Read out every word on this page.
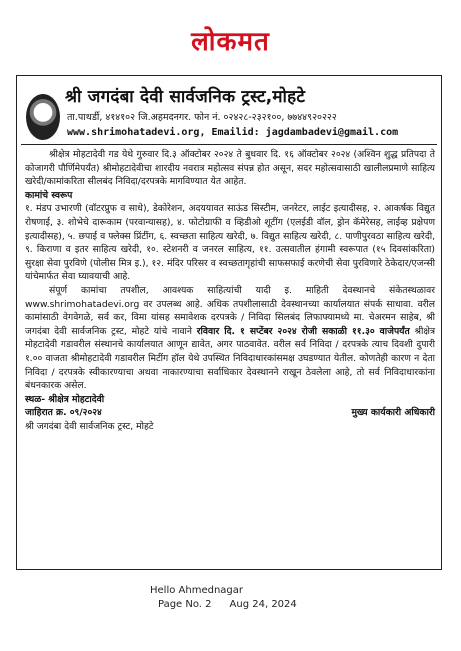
लोकमत
श्री जगदंबा देवी सार्वजनिक ट्रस्ट,मोहटे
ता.पाथर्डी, ४१४१०२ जि.अहमदनगर. फोन नं. ०२४२८-२३२१००, ७७४४९२०२२२
www.shrimohatadevi.org, Emailid: jagdambadevi@gmail.com

श्रीक्षेत्र मोहटादेवी गड येथे गुरुवार दि.३ ऑक्टोबर २०२४ ते बुधवार दि. १६ ऑक्टोबर २०२४ (अश्विन शुद्ध प्रतिपदा ते कोजागरी पौर्णिमेपर्यंत) श्रीमोहटादेवीचा शारदीय नवरात्र महोत्सव संपन्न होत असून, सदर महोत्सवासाठी खालीलप्रमाणे साहित्य खरेदी/कामांकरिता सीलबंद निविदा/दरपत्रके मागविण्यात येत आहेत.

कामांचे स्वरूप

१. मंडप उभारणी (वॉटरप्रुफ व साधे), डेकोरेशन, अदययावत साऊंड सिस्टीम, जनरेटर, लाईट इत्यादीसह, २. आकर्षक विद्युत रोषणाई, ३. शोभेचे दारूकाम (परवान्यासह), ४. फोटोग्राफी व व्हिडीओ शूटींग (एलईडी वॉल, ड्रोन कॅमेरेसह, लाईव्ह प्रक्षेपण इत्यादीसह), ५. छपाई व फ्लेक्स प्रिंटींग, ६. स्वच्छता साहित्य खरेदी, ७. विद्युत साहित्य खरेदी, ८. पाणीपुरवठा साहित्य खरेदी, ९. किराणा व इतर साहित्य खरेदी, १०. स्टेशनरी व जनरल साहित्य, ११. उत्सवातील हंगामी स्वरूपात (१५ दिवसांकरिता) सुरक्षा सेवा पुरविणे (पोलीस मित्र इ.), १२. मंदिर परिसर व स्वच्छतागृहांची साफसफाई करणेची सेवा पुरविणारे ठेकेदार/एजन्सी यांचेमार्फत सेवा घ्यावयाची आहे.

संपूर्ण कामांचा तपशील, आवश्यक साहित्यांची यादी इ. माहिती देवस्थानचे संकेतस्थळावर www.shrimohatadevi.org वर उपलब्ध आहे. अधिक तपशीलासाठी देवस्थानच्या कार्यालयात संपर्क साधावा. वरील कामांसाठी वेगवेगळे, सर्व कर, विमा यांसह समावेशक दरपत्रके / निविदा सिलबंद लिफाफ्यामध्ये मा. चेअरमन साहेब, श्री जगदंबा देवी सार्वजनिक ट्रस्ट, मोहटे यांचे नावाने रविवार दि. १ सप्टेंबर २०२४ रोजी सकाळी ११.३० वाजेपर्यंत श्रीक्षेत्र मोहटादेवी गडावरील संस्थानचे कार्यालयात आणून द्यावेत, अगर पाठवावेत. वरील सर्व निविदा / दरपत्रके त्याच दिवशी दुपारी १.०० वाजता श्रीमोहटादेवी गडावरील मिटींग हॉल येथे उपस्थित निविदाधारकांसमक्ष उघडण्यात येतील. कोणतेही कारण न देता निविदा / दरपत्रके स्वीकारण्याचा अथवा नाकारण्याचा सर्वाधिकार देवस्थानने राखून ठेवलेला आहे, तो सर्व निविदाधारकांना बंधनकारक असेल.

स्थळ- श्रीक्षेत्र मोहटादेवी

जाहिरात क्र. ०९/२०२४	मुख्य कार्यकारी अधिकारी

श्री जगदंबा देवी सार्वजनिक ट्रस्ट, मोहटे

Hello Ahmednagar
Page No. 2 Aug 24, 2024
